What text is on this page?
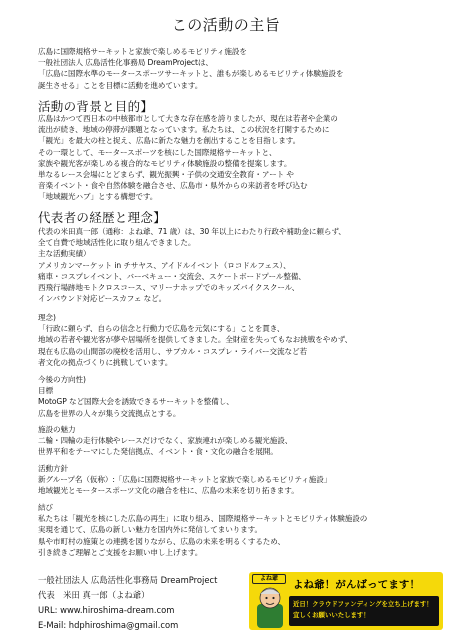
この活動の主旨
広島に国際規格サーキットと家族で楽しめるモビリティ施設を
一般社団法人 広島活性化事務局 DreamProjectは、
「広島に国際水準のモータースポーツサーキットと、誰もが楽しめるモビリティ体験施設を
誕生させる」ことを目標に活動を進めています。
活動の背景と目的】
広島はかつて西日本の中核都市として大きな存在感を誇りましたが、現在は若者や企業の
流出が続き、地域の停滞が課題となっています。私たちは、この状況を打開するために
「観光」を最大の柱と捉え、広島に新たな魅力を創出することを目指します。
その一環として、モータースポーツを核にした国際規格サーキットと、
家族や観光客が楽しめる複合的なモビリティ体験施設の整備を提案します。
単なるレース会場にとどまらず、観光振興・子供の交通安全教育・アート や
音楽イベント・食や自然体験を融合させ、広島市・県外からの来訪者を呼び込む
「地域観光ハブ」とする構想です。
代表者の経歴と理念】
代表の米田真一郎（通称：よね爺、71 歳）は、30 年以上にわたり行政や補助金に頼らず、
全て自費で地域活性化に取り組んできました。
主な活動実績）
アメリカンマーケット in チサヤス、アイドルイベント（ロコドルフェス）、
痛車・コスプレイベント、バーベキュー・交流会、スケートボードプール整備、
西飛行場跡地モトクロスコース、マリーナホップでのキッズバイクスクール、
インバウンド対応ピースカフェ など。
理念)
「行政に頼らず、自らの信念と行動力で広島を元気にする」ことを貫き、
地域の若者や観光客が夢や居場所を提供してきました。全財産を失ってもなお挑戦をやめず、
現在も広島の山間部の廃校を活用し、サブカル・コスプレ・ライバー交流など若
者文化の拠点づくりに挑戦しています。
今後の方向性)
目標
MotoGP など国際大会を誘致できるサーキットを整備し、
広島を世界の人々が集う交流拠点とする。
施設の魅力
二輪・四輪の走行体験やレースだけでなく、家族連れが楽しめる観光施設、
世界平和をテーマにした発信拠点、イベント・食・文化の融合を展開。
活動方針
新グループ名（仮称）:「広島に国際規格サーキットと家族で楽しめるモビリティ施設」
地域観光とモータースポーツ文化の融合を柱に、広島の未来を切り拓きます。
結び
私たちは「観光を核にした広島の再生」に取り組み、国際規格サーキットとモビリティ体験施設の
実現を通じて、広島の新しい魅力を国内外に発信してまいります。
県や市町村の施策との連携を図りながら、広島の未来を明るくするため、
引き続きご理解とご支援をお願い申し上げます。
一般社団法人 広島活性化事務局 DreamProject
代表　米田 真一郎（よね爺）
URL: www.hiroshima-dream.com
E-Mail: hdphiroshima@gmail.com
よね爺
よね爺！がんばってます！
近日！クラウドファンディングを立ち上げます！
宜しくお願いいたします！
